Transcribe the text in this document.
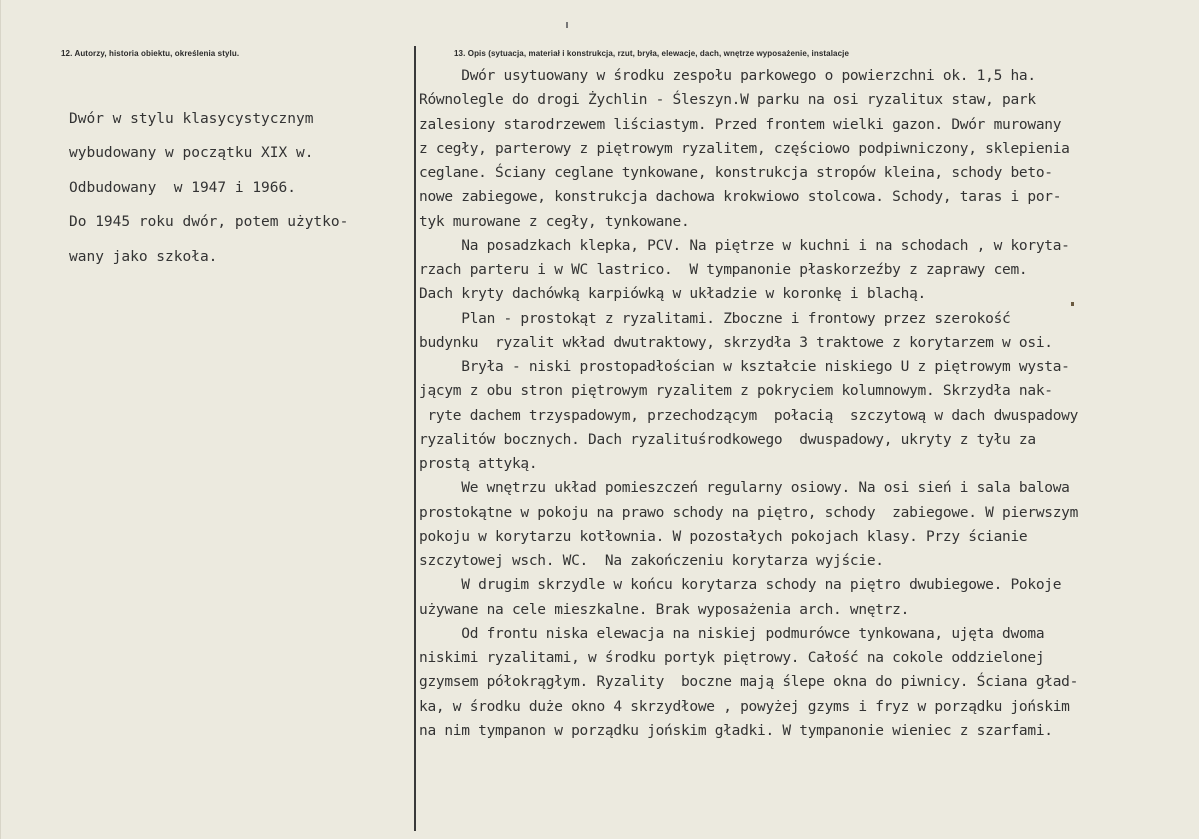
12. Autorzy, historia obiektu, określenia stylu.	13. Opis (sytuacja, materiał i konstrukcja, rzut, bryła, elewacje, dach, wnętrze wyposażenie, instalacje
Dwór w stylu klasycystycznym
wybudowany w początku XIX w.
Odbudowany  w 1947 i 1966.
Do 1945 roku dwór, potem użytko-
wany jako szkoła.
Dwór usytuowany w środku zespołu parkowego o powierzchni ok. 1,5 ha.
Równolegle do drogi Żychlin - Śleszyn.W parku na osi ryzalitux staw, park
zalesiony starodrzewem liściastym. Przed frontem wielki gazon. Dwór murowany
z cegły, parterowy z piętrowym ryzalitem, częściowo podpiwniczony, sklepienia
ceglane. Ściany ceglane tynkowane, konstrukcja stropów kleina, schody beto-
nowe zabiegowe, konstrukcja dachowa krokwiowo stolcowa. Schody, taras i por-
tyk murowane z cegły, tynkowane.
Na posadzkach klepka, PCV. Na piętrze w kuchni i na schodach , w koryta-
rzach parteru i w WC lastrico.  W tympanonie płaskorzeźby z zaprawy cem.
Dach kryty dachówką karpiówką w układzie w koronkę i blachą.
Plan - prostokąt z ryzalitami. Zboczne i frontowy przez szerokość
budynku  ryzalit wkład dwutraktowy, skrzydła 3 traktowe z korytarzem w osi.
Bryła - niski prostopadłościan w kształcie niskiego U z piętrowym wysta-
jącym z obu stron piętrowym ryzalitem z pokryciem kolumnowym. Skrzydła nak-
ryte dachem trzyspadowym, przechodzącym  połacią  szczytową w dach dwuspadowy
ryzalitów bocznych. Dach ryzalituśrodkowego  dwuspadowy, ukryty z tyłu za
prostą attyką.
We wnętrzu układ pomieszczeń regularny osiowy. Na osi sień i sala balowa
prostokątne w pokoju na prawo schody na piętro, schody  zabiegowe. W pierwszym
pokoju w korytarzu kotłownia. W pozostałych pokojach klasy. Przy ścianie
szczytowej wsch. WC.  Na zakończeniu korytarza wyjście.
W drugim skrzydle w końcu korytarza schody na piętro dwubiegowe. Pokoje
używane na cele mieszkalne. Brak wyposażenia arch. wnętrz.
Od frontu niska elewacja na niskiej podmurówce tynkowana, ujęta dwoma
niskimi ryzalitami, w środku portyk piętrowy. Całość na cokole oddzielonej
gzymsem półokrągłym. Ryzality  boczne mają ślepe okna do piwnicy. Ściana gład-
ka, w środku duże okno 4 skrzydłowe , powyżej gzyms i fryz w porządku jońskim
na nim tympanon w porządku jońskim gładki. W tympanonie wieniec z szarfami.
